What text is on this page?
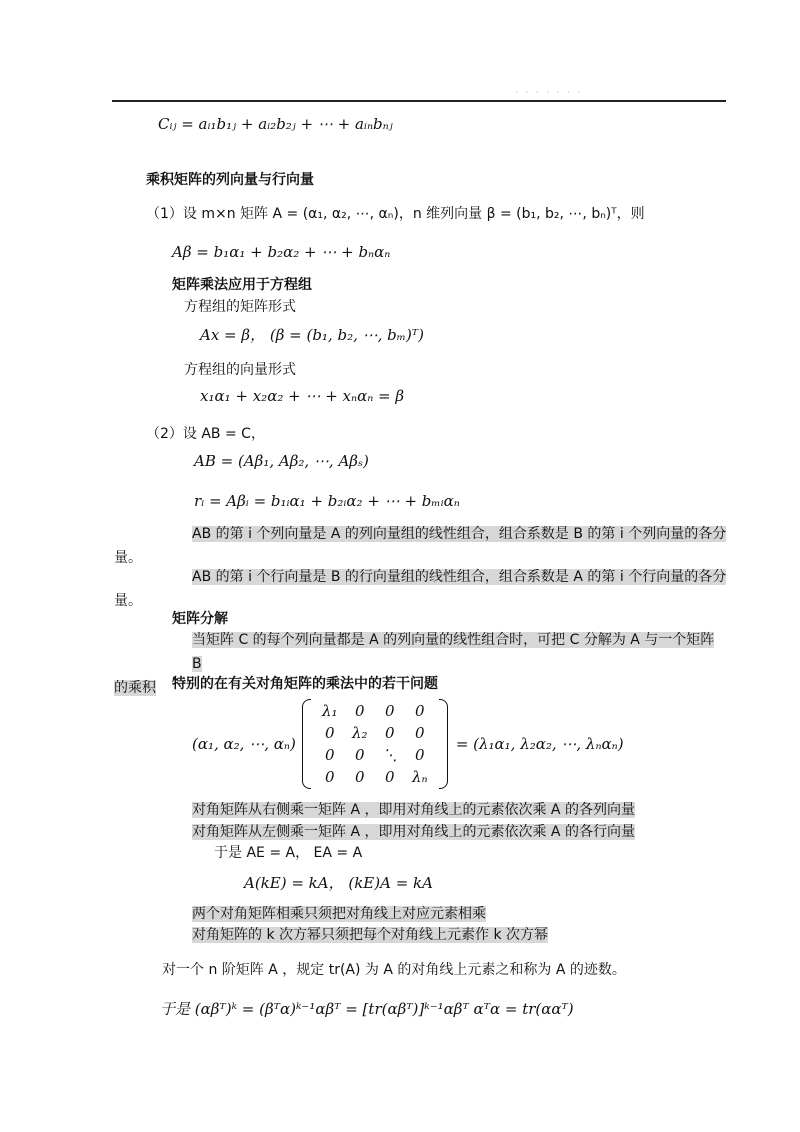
· · · · · · ·
Cᵢⱼ = aᵢ₁b₁ⱼ + aᵢ₂b₂ⱼ + ⋯ + aᵢₙbₙⱼ
乘积矩阵的列向量与行向量
（1）设 m×n 矩阵 A = (α₁, α₂, ⋯, αₙ)，n 维列向量 β = (b₁, b₂, ⋯, bₙ)ᵀ，则
Aβ = b₁α₁ + b₂α₂ + ⋯ + bₙαₙ
矩阵乘法应用于方程组
方程组的矩阵形式
Ax = β， (β = (b₁, b₂, ⋯, bₘ)ᵀ)
方程组的向量形式
x₁α₁ + x₂α₂ + ⋯ + xₙαₙ = β
（2）设 AB = C，
AB = (Aβ₁, Aβ₂, ⋯, Aβₛ)
rᵢ = Aβᵢ = b₁ᵢα₁ + b₂ᵢα₂ + ⋯ + bₘᵢαₙ
AB 的第 i 个列向量是 A 的列向量组的线性组合，组合系数是 B 的第 i 个列向量的各分
量。
AB 的第 i 个行向量是 B 的行向量组的线性组合，组合系数是 A 的第 i 个行向量的各分
量。
矩阵分解
当矩阵 C 的每个列向量都是 A 的列向量的线性组合时，可把 C 分解为 A 与一个矩阵 B
的乘积	特别的在有关对角矩阵的乘法中的若干问题
(α₁, α₂, ⋯, αₙ)
λ₁	0	0	0
0	λ₂	0	0
0	0	⋱	0
0	0	0	λₙ
= (λ₁α₁, λ₂α₂, ⋯, λₙαₙ)
对角矩阵从右侧乘一矩阵 A ，即用对角线上的元素依次乘 A 的各列向量
对角矩阵从左侧乘一矩阵 A ，即用对角线上的元素依次乘 A 的各行向量
于是 AE = A， EA = A
A(kE) = kA， (kE)A = kA
两个对角矩阵相乘只须把对角线上对应元素相乘
对角矩阵的 k 次方幂只须把每个对角线上元素作 k 次方幂
对一个 n 阶矩阵 A ，规定 tr(A) 为 A 的对角线上元素之和称为 A 的迹数。
于是 (αβᵀ)ᵏ = (βᵀα)ᵏ⁻¹αβᵀ = [tr(αβᵀ)]ᵏ⁻¹αβᵀ αᵀα = tr(ααᵀ)
